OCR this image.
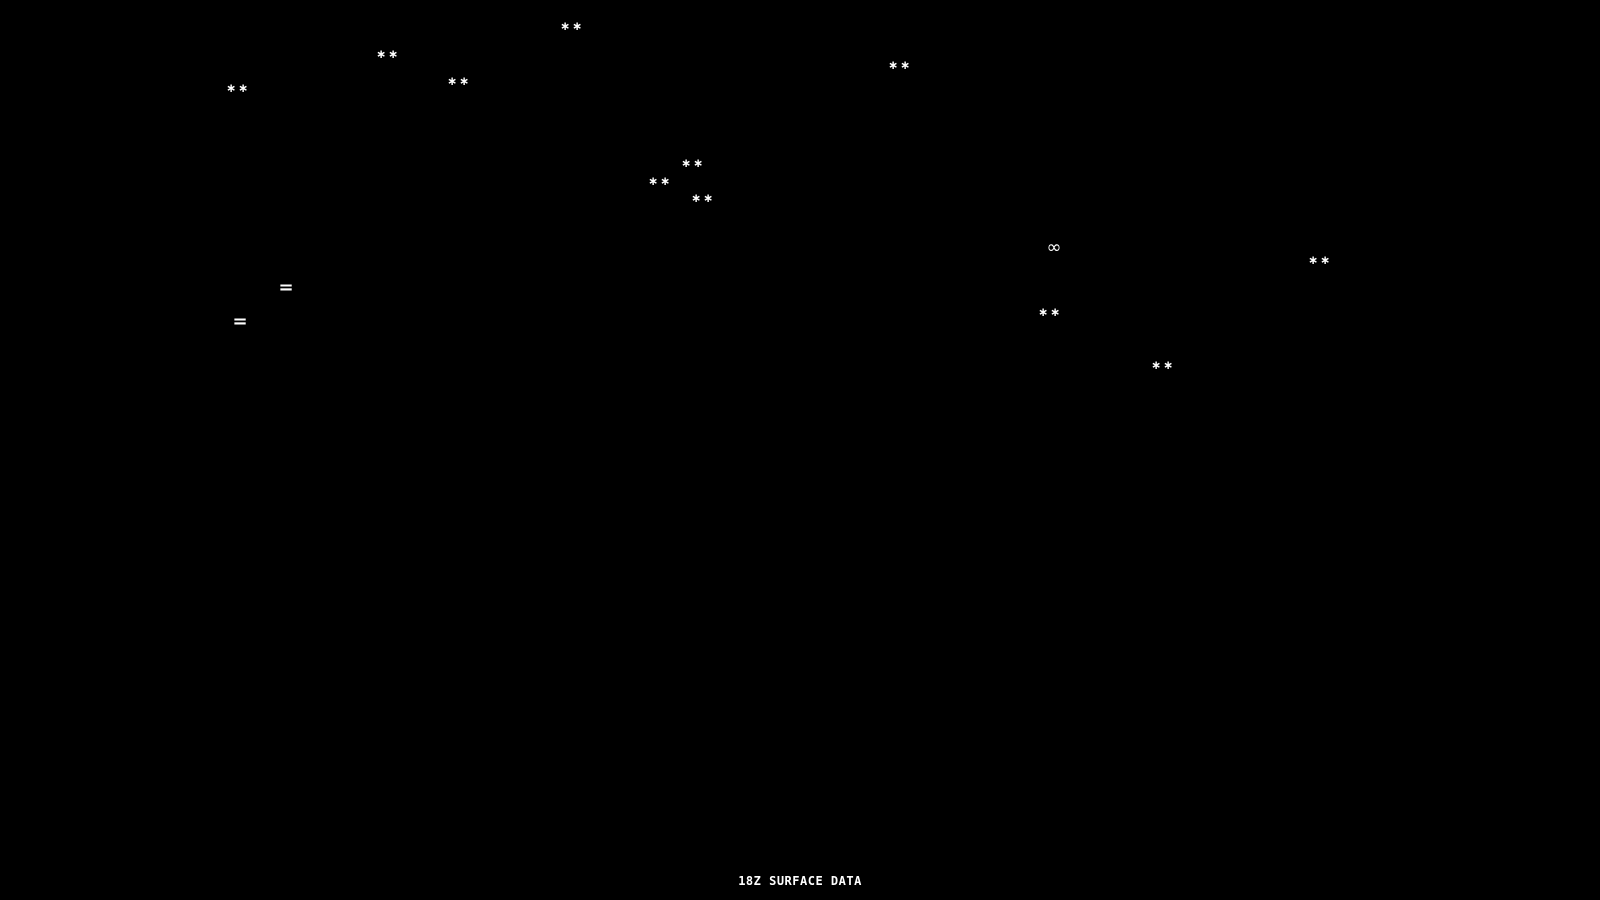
∗∗
∗∗
∗∗
∗∗
∗∗
∗∗
∗∗
∗∗
∞
∗∗
=
∗∗
=
∗∗
18Z SURFACE DATA
